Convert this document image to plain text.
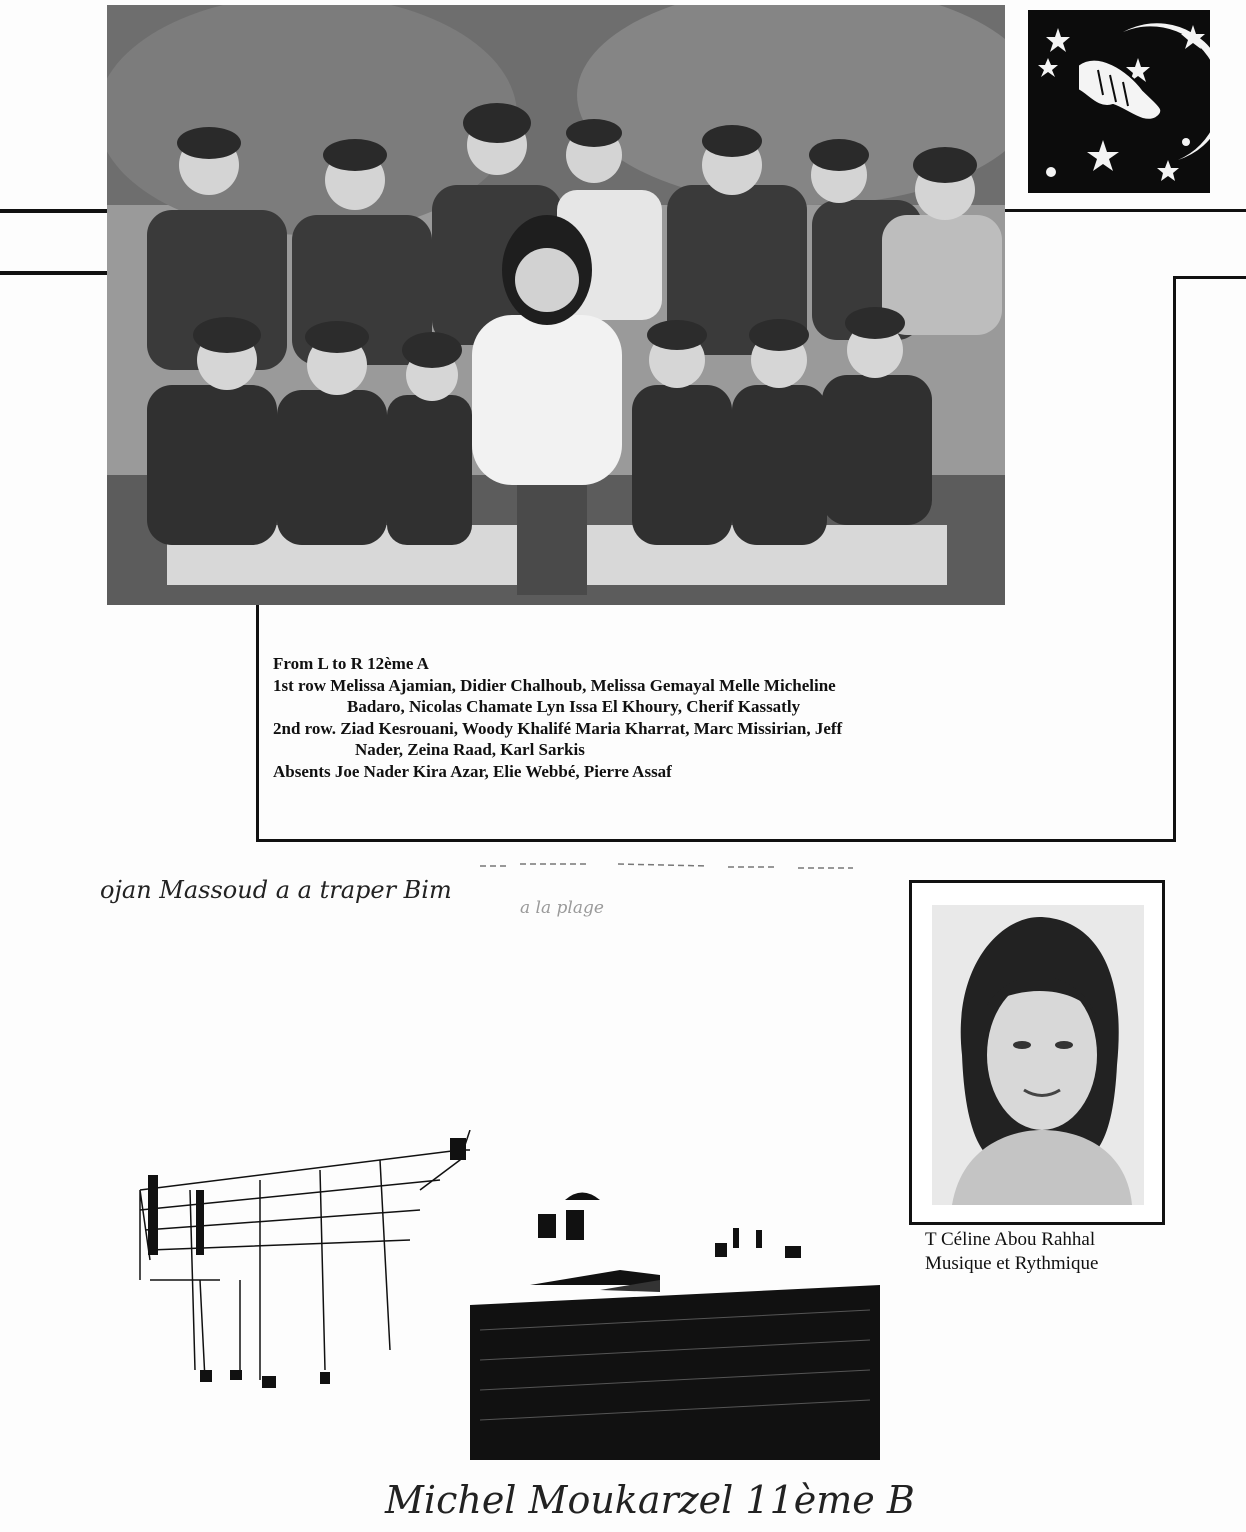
From L to R 12ème A
1st row Melissa Ajamian, Didier Chalhoub, Melissa Gemayal Melle Micheline
Badaro, Nicolas Chamate Lyn Issa El Khoury, Cherif Kassatly
2nd row. Ziad Kesrouani, Woody Khalifé Maria Kharrat, Marc Missirian, Jeff
Nader, Zeina Raad, Karl Sarkis
Absents Joe Nader Kira Azar, Elie Webbé, Pierre Assaf
ojan Massoud a a traper Bim
a la plage
T Céline Abou Rahhal
Musique et Rythmique
Michel Moukarzel 11ème B
